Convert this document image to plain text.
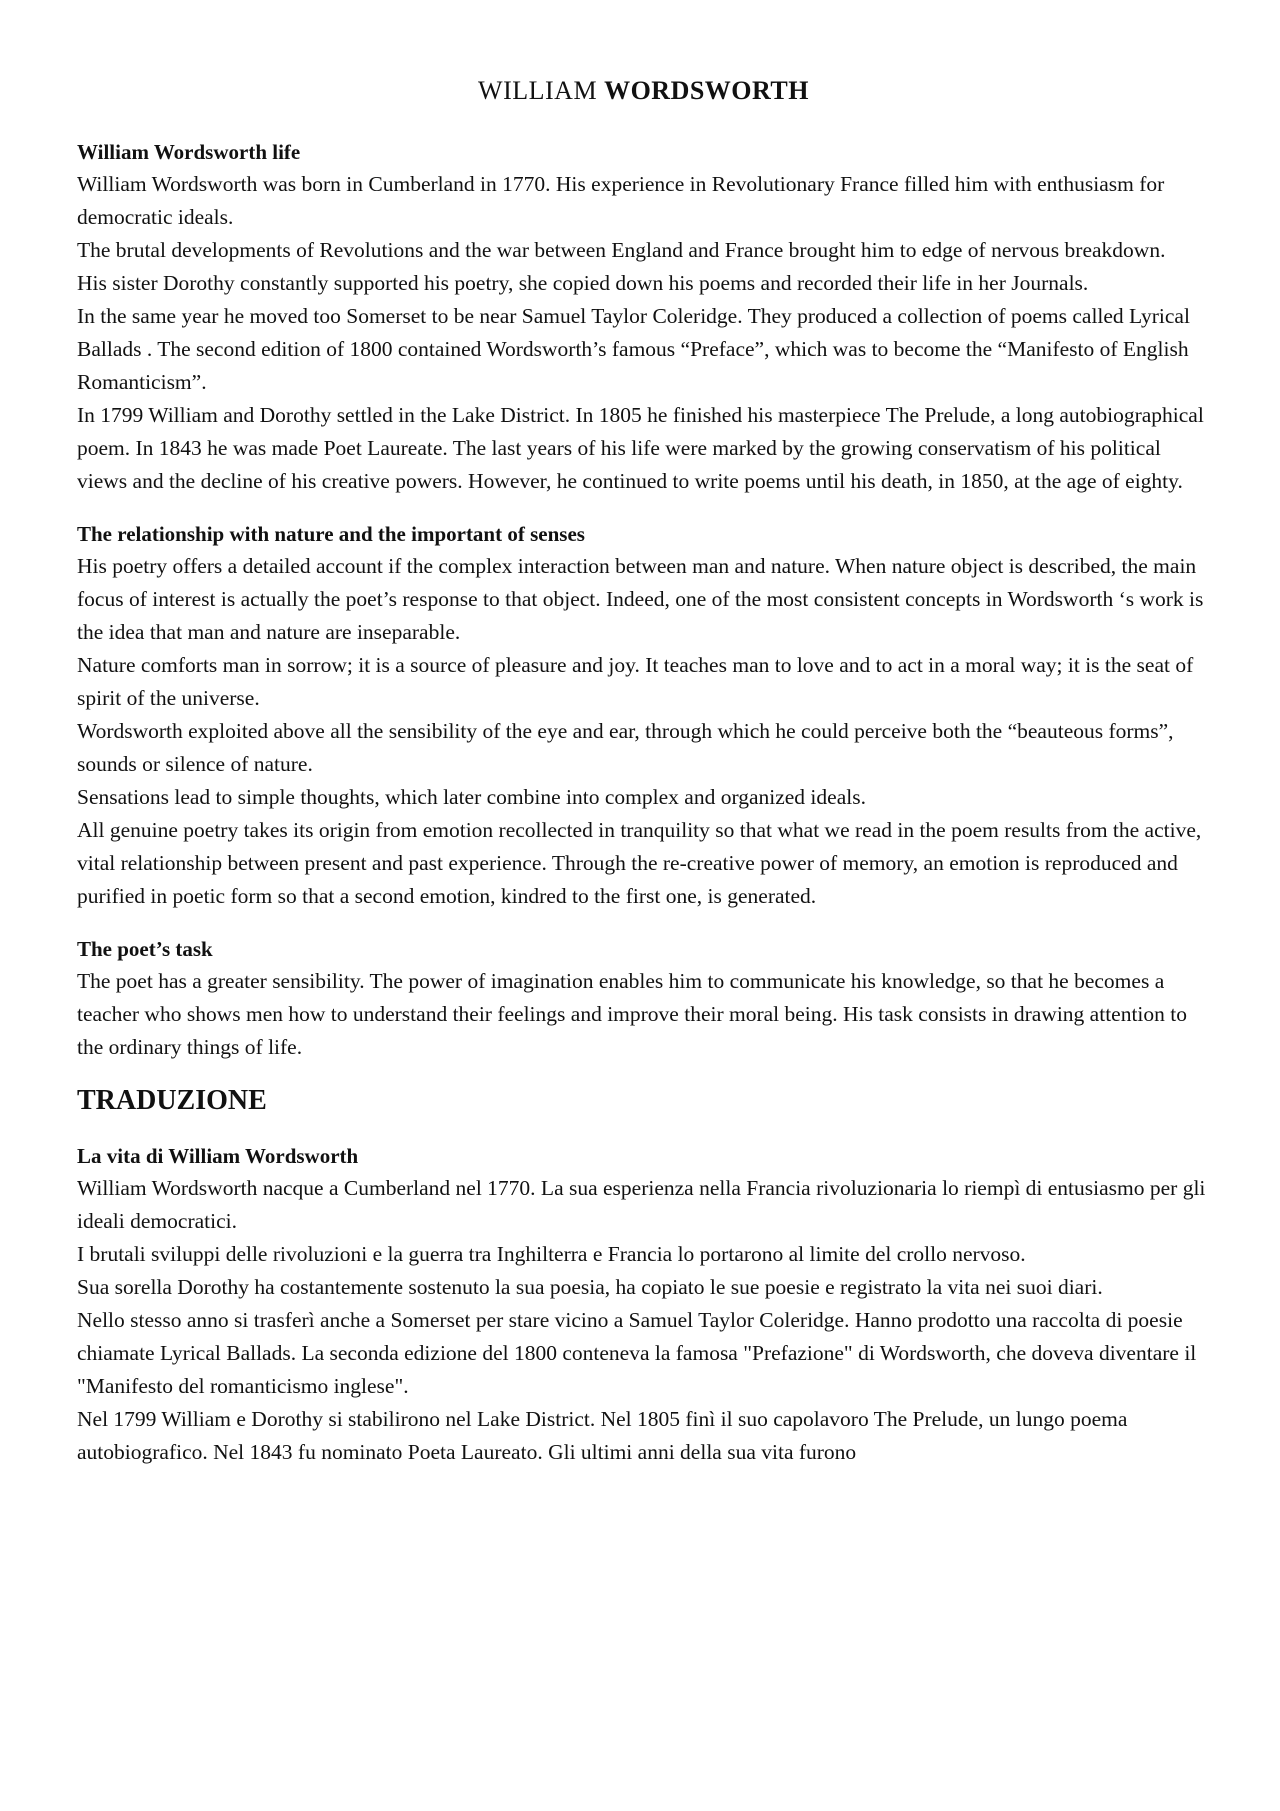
WILLIAM WORDSWORTH
William Wordsworth life

William Wordsworth was born in Cumberland in 1770. His experience in Revolutionary France filled him with enthusiasm for democratic ideals.

The brutal developments of Revolutions and the war between England and France brought him to edge of nervous breakdown.

His sister Dorothy constantly supported his poetry, she copied down his poems and recorded their life in her Journals.

In the same year he moved too Somerset to be near Samuel Taylor Coleridge. They produced a collection of poems called Lyrical Ballads . The second edition of 1800 contained Wordsworth’s famous “Preface”, which was to become the “Manifesto of English Romanticism”.

In 1799 William and Dorothy settled in the Lake District. In 1805 he finished his masterpiece The Prelude, a long autobiographical poem. In 1843 he was made Poet Laureate. The last years of his life were marked by the growing conservatism of his political views and the decline of his creative powers. However, he continued to write poems until his death, in 1850, at the age of eighty.

The relationship with nature and the important of senses

His poetry offers a detailed account if the complex interaction between man and nature. When nature object is described, the main focus of interest is actually the poet’s response to that object. Indeed, one of the most consistent concepts in Wordsworth ‘s work is the idea that man and nature are inseparable.

Nature comforts man in sorrow; it is a source of pleasure and joy. It teaches man to love and to act in a moral way; it is the seat of spirit of the universe.

Wordsworth exploited above all the sensibility of the eye and ear, through which he could perceive both the “beauteous forms”, sounds or silence of nature.

Sensations lead to simple thoughts, which later combine into complex and organized ideals.

All genuine poetry takes its origin from emotion recollected in tranquility so that what we read in the poem results from the active, vital relationship between present and past experience. Through the re-creative power of memory, an emotion is reproduced and purified in poetic form so that a second emotion, kindred to the first one, is generated.

The poet’s task

The poet has a greater sensibility. The power of imagination enables him to communicate his knowledge, so that he becomes a teacher who shows men how to understand their feelings and improve their moral being. His task consists in drawing attention to the ordinary things of life.

TRADUZIONE
La vita di William Wordsworth

William Wordsworth nacque a Cumberland nel 1770. La sua esperienza nella Francia rivoluzionaria lo riempì di entusiasmo per gli ideali democratici.

I brutali sviluppi delle rivoluzioni e la guerra tra Inghilterra e Francia lo portarono al limite del crollo nervoso.

Sua sorella Dorothy ha costantemente sostenuto la sua poesia, ha copiato le sue poesie e registrato la vita nei suoi diari.

Nello stesso anno si trasferì anche a Somerset per stare vicino a Samuel Taylor Coleridge. Hanno prodotto una raccolta di poesie chiamate Lyrical Ballads. La seconda edizione del 1800 conteneva la famosa "Prefazione" di Wordsworth, che doveva diventare il "Manifesto del romanticismo inglese".

Nel 1799 William e Dorothy si stabilirono nel Lake District. Nel 1805 finì il suo capolavoro The Prelude, un lungo poema autobiografico. Nel 1843 fu nominato Poeta Laureato. Gli ultimi anni della sua vita furono
